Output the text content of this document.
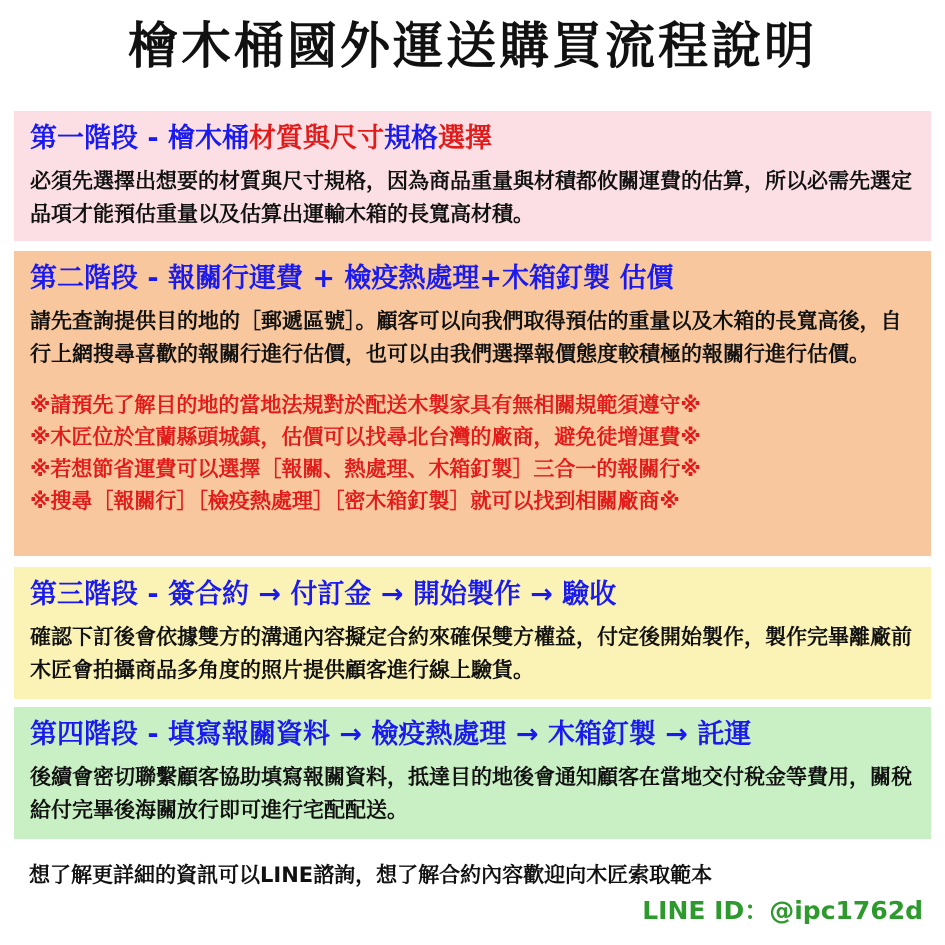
檜木桶國外運送購買流程說明
第一階段 - 檜木桶材質與尺寸規格選擇
必須先選擇出想要的材質與尺寸規格，因為商品重量與材積都攸關運費的估算，所以必需先選定品項才能預估重量以及估算出運輸木箱的長寬高材積。
第二階段 - 報關行運費 + 檢疫熱處理+木箱釘製 估價
請先查詢提供目的地的［郵遞區號］。顧客可以向我們取得預估的重量以及木箱的長寬高後，自行上網搜尋喜歡的報關行進行估價，也可以由我們選擇報價態度較積極的報關行進行估價。
※請預先了解目的地的當地法規對於配送木製家具有無相關規範須遵守※
※木匠位於宜蘭縣頭城鎮，估價可以找尋北台灣的廠商，避免徒增運費※
※若想節省運費可以選擇［報關、熱處理、木箱釘製］三合一的報關行※
※搜尋［報關行］［檢疫熱處理］［密木箱釘製］就可以找到相關廠商※
第三階段 - 簽合約 → 付訂金 → 開始製作 → 驗收
確認下訂後會依據雙方的溝通內容擬定合約來確保雙方權益，付定後開始製作，製作完畢離廠前木匠會拍攝商品多角度的照片提供顧客進行線上驗貨。
第四階段 - 填寫報關資料 → 檢疫熱處理 → 木箱釘製 → 託運
後續會密切聯繫顧客協助填寫報關資料，抵達目的地後會通知顧客在當地交付稅金等費用，關稅給付完畢後海關放行即可進行宅配配送。
想了解更詳細的資訊可以LINE諮詢，想了解合約內容歡迎向木匠索取範本
LINE ID：@ipc1762d
